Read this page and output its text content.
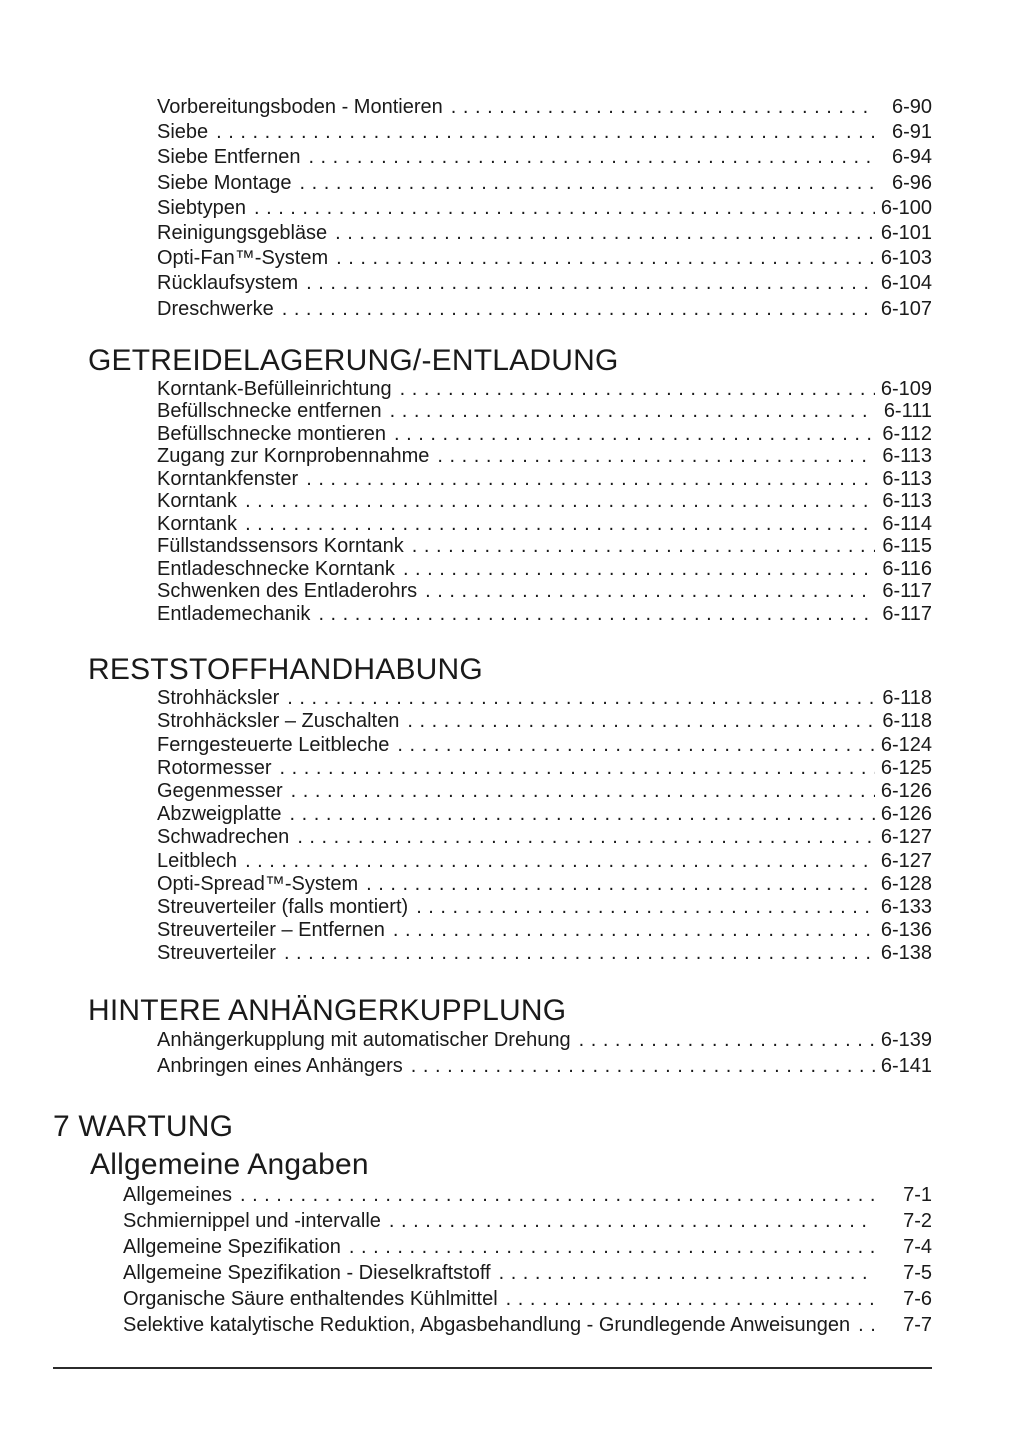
Vorbereitungsboden - Montieren . . .	6-90
Siebe . . .	6-91
Siebe Entfernen . . .	6-94
Siebe Montage . . .	6-96
Siebtypen . . .	6-100
Reinigungsgebläse . . .	6-101
Opti-Fan™-System . . .	6-103
Rücklaufsystem . . .	6-104
Dreschwerke . . .	6-107
GETREIDELAGERUNG/-ENTLADUNG
Korntank-Befülleinrichtung . . .	6-109
Befüllschnecke entfernen . . .	6-111
Befüllschnecke montieren . . .	6-112
Zugang zur Kornprobennahme . . .	6-113
Korntankfenster . . .	6-113
Korntank . . .	6-113
Korntank . . .	6-114
Füllstandssensors Korntank . . .	6-115
Entladeschnecke Korntank . . .	6-116
Schwenken des Entladerohrs . . .	6-117
Entlademechanik . . .	6-117
RESTSTOFFHANDHABUNG
Strohhäcksler . . .	6-118
Strohhäcksler – Zuschalten . . .	6-118
Ferngesteuerte Leitbleche . . .	6-124
Rotormesser . . .	6-125
Gegenmesser . . .	6-126
Abzweigplatte . . .	6-126
Schwadrechen . . .	6-127
Leitblech . . .	6-127
Opti-Spread™-System . . .	6-128
Streuverteiler (falls montiert) . . .	6-133
Streuverteiler – Entfernen . . .	6-136
Streuverteiler . . .	6-138
HINTERE ANHÄNGERKUPPLUNG
Anhängerkupplung mit automatischer Drehung . . .	6-139
Anbringen eines Anhängers . . .	6-141
7 WARTUNG
Allgemeine Angaben
Allgemeines . . .	7-1
Schmiernippel und -intervalle . . .	7-2
Allgemeine Spezifikation . . .	7-4
Allgemeine Spezifikation - Dieselkraftstoff . . .	7-5
Organische Säure enthaltendes Kühlmittel . . .	7-6
Selektive katalytische Reduktion, Abgasbehandlung - Grundlegende Anweisungen . . .	7-7
